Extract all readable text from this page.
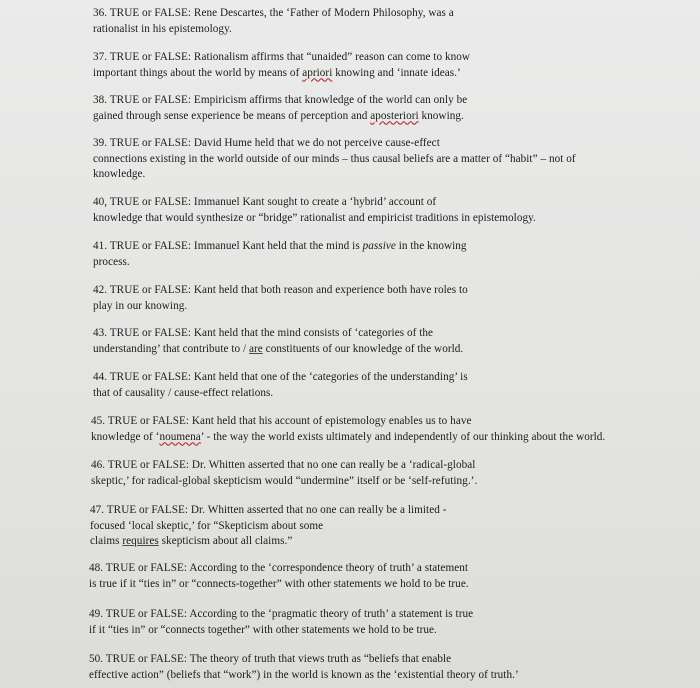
36. TRUE or FALSE: Rene Descartes, the ‘Father of Modern Philosophy, was a
rationalist in his epistemology.
37. TRUE or FALSE: Rationalism affirms that “unaided” reason can come to know
important things about the world by means of apriori knowing and ‘innate ideas.’
38. TRUE or FALSE: Empiricism affirms that knowledge of the world can only be
gained through sense experience be means of perception and aposteriori knowing.
39. TRUE or FALSE: David Hume held that we do not perceive cause-effect
connections existing in the world outside of our minds – thus causal beliefs are a matter of “habit” – not of
knowledge.
40, TRUE or FALSE: Immanuel Kant sought to create a ‘hybrid’ account of
knowledge that would synthesize or “bridge” rationalist and empiricist traditions in epistemology.
41. TRUE or FALSE: Immanuel Kant held that the mind is passive in the knowing
process.
42. TRUE or FALSE: Kant held that both reason and experience both have roles to
play in our knowing.
43. TRUE or FALSE: Kant held that the mind consists of ‘categories of the
understanding’ that contribute to / are constituents of our knowledge of the world.
44. TRUE or FALSE: Kant held that one of the ‘categories of the understanding’ is
that of causality / cause-effect relations.
45. TRUE or FALSE: Kant held that his account of epistemology enables us to have
knowledge of ‘noumena’ - the way the world exists ultimately and independently of our thinking about the world.
46. TRUE or FALSE: Dr. Whitten asserted that no one can really be a ‘radical-global
skeptic,’ for radical-global skepticism would “undermine” itself or be ‘self-refuting.’.
47. TRUE or FALSE: Dr. Whitten asserted that no one can really be a limited -
focused ‘local skeptic,’ for “Skepticism about some
claims requires skepticism about all claims.”
48. TRUE or FALSE: According to the ‘correspondence theory of truth’ a statement
is true if it “ties in” or “connects-together” with other statements we hold to be true.
49. TRUE or FALSE: According to the ‘pragmatic theory of truth’ a statement is true
if it “ties in” or “connects together” with other statements we hold to be true.
50. TRUE or FALSE: The theory of truth that views truth as “beliefs that enable
effective action” (beliefs that “work”) in the world is known as the ‘existential theory of truth.’
